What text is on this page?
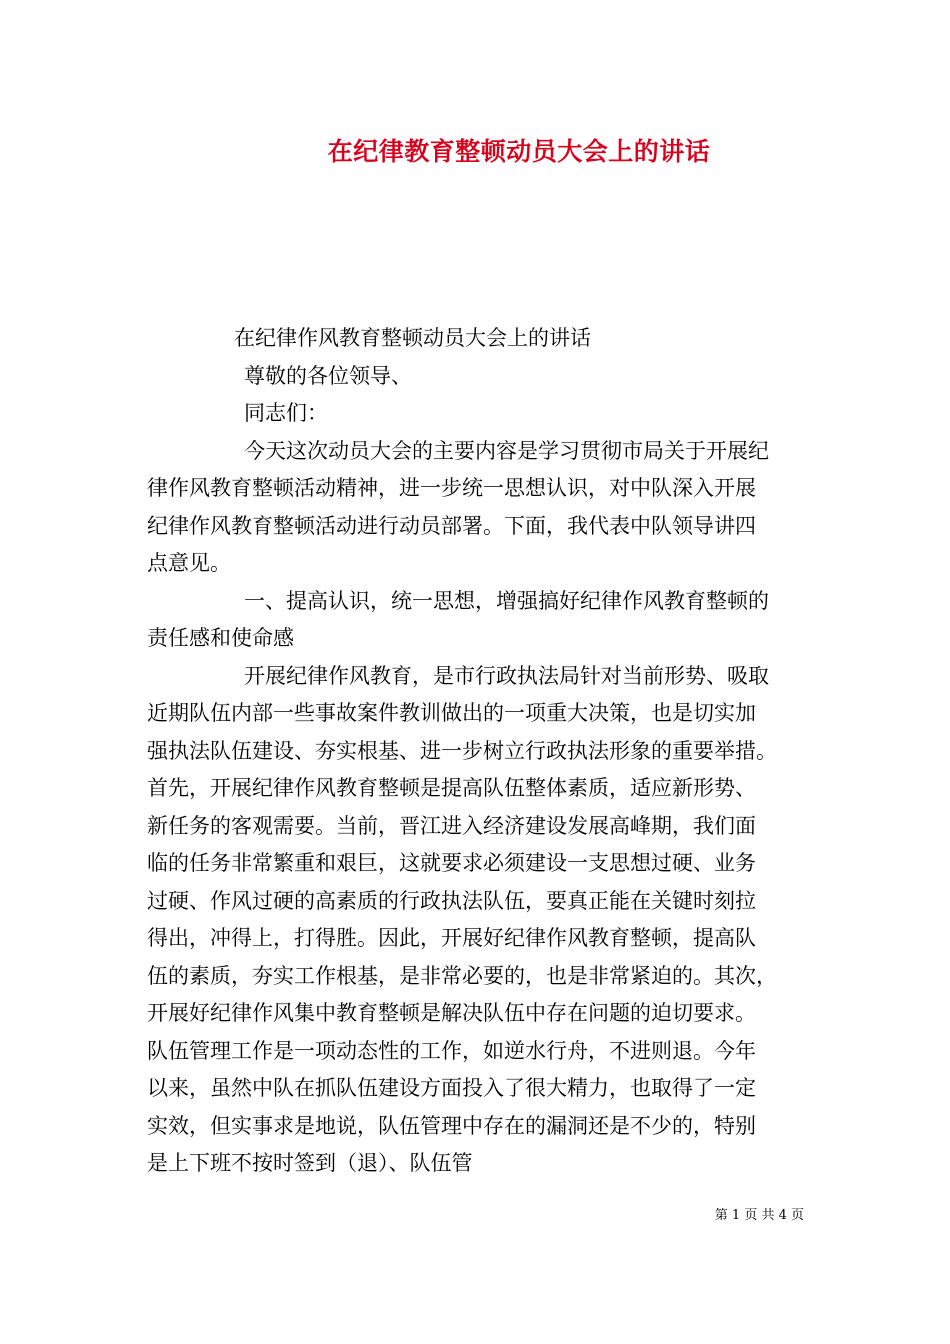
在纪律教育整顿动员大会上的讲话
在纪律作风教育整顿动员大会上的讲话
尊敬的各位领导、
同志们：
今天这次动员大会的主要内容是学习贯彻市局关于开展纪
律作风教育整顿活动精神，进一步统一思想认识，对中队深入开展
纪律作风教育整顿活动进行动员部署。下面，我代表中队领导讲四
点意见。
一、提高认识，统一思想，增强搞好纪律作风教育整顿的
责任感和使命感
开展纪律作风教育，是市行政执法局针对当前形势、吸取
近期队伍内部一些事故案件教训做出的一项重大决策，也是切实加
强执法队伍建设、夯实根基、进一步树立行政执法形象的重要举措。
首先，开展纪律作风教育整顿是提高队伍整体素质，适应新形势、
新任务的客观需要。当前，晋江进入经济建设发展高峰期，我们面
临的任务非常繁重和艰巨，这就要求必须建设一支思想过硬、业务
过硬、作风过硬的高素质的行政执法队伍，要真正能在关键时刻拉
得出，冲得上，打得胜。因此，开展好纪律作风教育整顿，提高队
伍的素质，夯实工作根基，是非常必要的，也是非常紧迫的。其次，
开展好纪律作风集中教育整顿是解决队伍中存在问题的迫切要求。
队伍管理工作是一项动态性的工作，如逆水行舟，不进则退。今年
以来，虽然中队在抓队伍建设方面投入了很大精力，也取得了一定
实效，但实事求是地说，队伍管理中存在的漏洞还是不少的，特别
是上下班不按时签到（退）、队伍管
第 1 页 共 4 页
